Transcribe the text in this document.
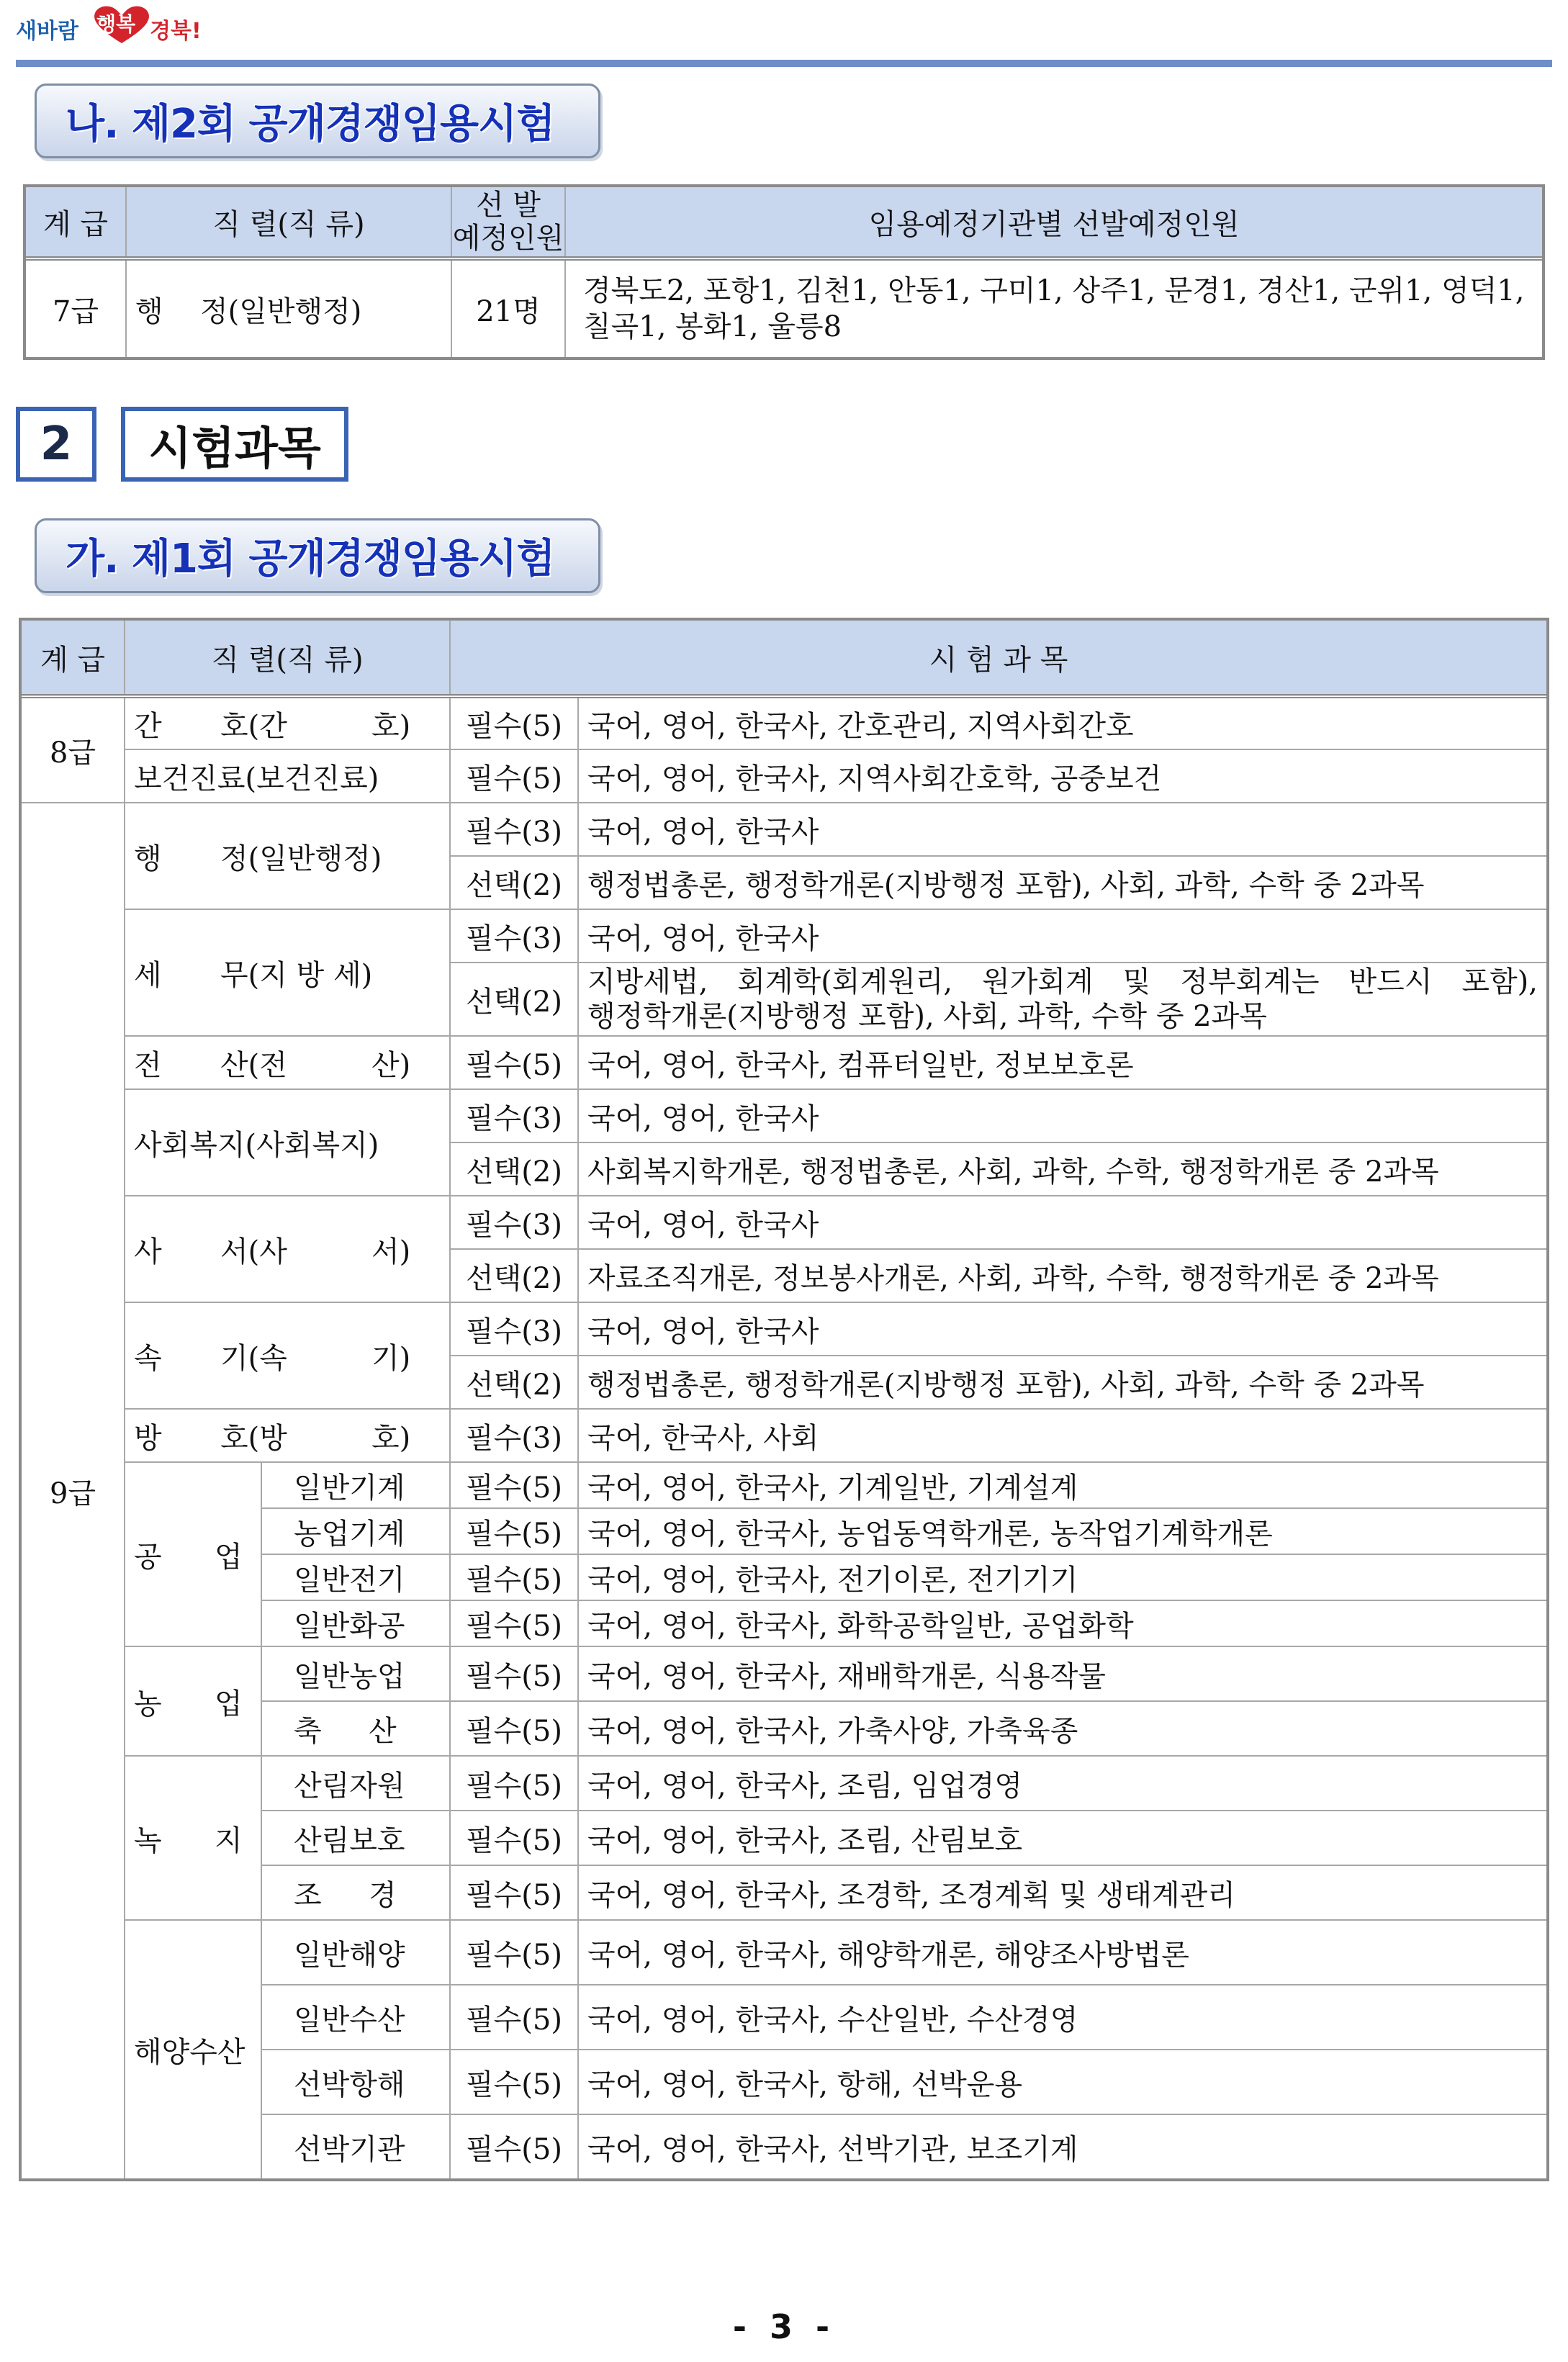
새바람 행복 경북!
나. 제2회 공개경쟁임용시험
계 급	직 렬(직 류)	선 발
예정인원	임용예정기관별 선발예정인원
7급	행 정(일반행정)	21명	경북도2, 포항1, 김천1, 안동1, 구미1, 상주1, 문경1, 경산1, 군위1, 영덕1, 칠곡1, 봉화1, 울릉8
2	시험과목
가. 제1회 공개경쟁임용시험
계 급	직 렬(직 류)		시 험 과 목	
8급	간 호(간 호)		필수(5)	국어, 영어, 한국사, 간호관리, 지역사회간호
	보건진료(보건진료)		필수(5)	국어, 영어, 한국사, 지역사회간호학, 공중보건
9급	행 정(일반행정)		필수(3)	국어, 영어, 한국사
			선택(2)	행정법총론, 행정학개론(지방행정 포함), 사회, 과학, 수학 중 2과목
	세 무(지 방 세)		필수(3)	국어, 영어, 한국사
			선택(2)	지방세법, 회계학(회계원리, 원가회계 및 정부회계는 반드시 포함),
행정학개론(지방행정 포함), 사회, 과학, 수학 중 2과목

	전 산(전 산)		필수(5)	국어, 영어, 한국사, 컴퓨터일반, 정보보호론
	사회복지(사회복지)		필수(3)	국어, 영어, 한국사
			선택(2)	사회복지학개론, 행정법총론, 사회, 과학, 수학, 행정학개론 중 2과목
	사 서(사 서)		필수(3)	국어, 영어, 한국사
			선택(2)	자료조직개론, 정보봉사개론, 사회, 과학, 수학, 행정학개론 중 2과목
	속 기(속 기)		필수(3)	국어, 영어, 한국사
			선택(2)	행정법총론, 행정학개론(지방행정 포함), 사회, 과학, 수학 중 2과목
	방 호(방 호)		필수(3)	국어, 한국사, 사회
	공 업	일반기계	필수(5)	국어, 영어, 한국사, 기계일반, 기계설계
		농업기계	필수(5)	국어, 영어, 한국사, 농업동역학개론, 농작업기계학개론
		일반전기	필수(5)	국어, 영어, 한국사, 전기이론, 전기기기
		일반화공	필수(5)	국어, 영어, 한국사, 화학공학일반, 공업화학
	농 업	일반농업	필수(5)	국어, 영어, 한국사, 재배학개론, 식용작물
		축 산	필수(5)	국어, 영어, 한국사, 가축사양, 가축육종
	녹 지	산림자원	필수(5)	국어, 영어, 한국사, 조림, 임업경영
		산림보호	필수(5)	국어, 영어, 한국사, 조림, 산림보호
		조 경	필수(5)	국어, 영어, 한국사, 조경학, 조경계획 및 생태계관리
	해양수산	일반해양	필수(5)	국어, 영어, 한국사, 해양학개론, 해양조사방법론
		일반수산	필수(5)	국어, 영어, 한국사, 수산일반, 수산경영
		선박항해	필수(5)	국어, 영어, 한국사, 항해, 선박운용
		선박기관	필수(5)	국어, 영어, 한국사, 선박기관, 보조기계
- 3 -
